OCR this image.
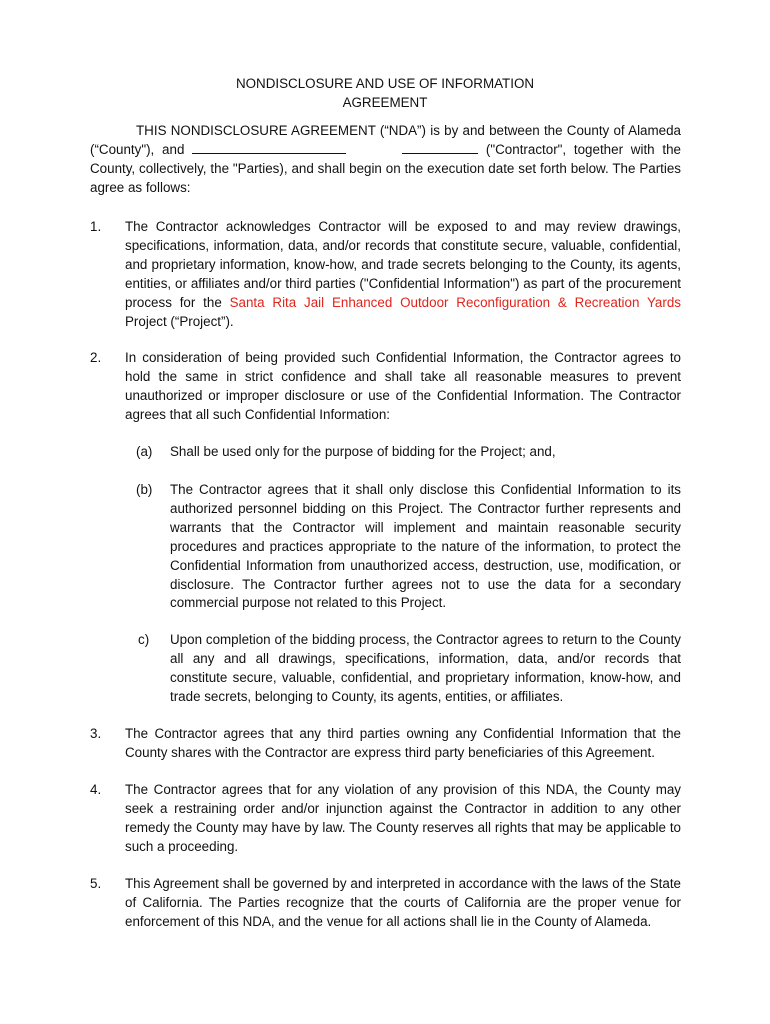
NONDISCLOSURE AND USE OF INFORMATION
AGREEMENT

THIS NONDISCLOSURE AGREEMENT (“NDA”) is by and between the County of Alameda (“County"), and	("Contractor", together with the County, collectively, the "Parties), and shall begin on the execution date set forth below. The Parties agree as follows:

1. The Contractor acknowledges Contractor will be exposed to and may review drawings, specifications, information, data, and/or records that constitute secure, valuable, confidential, and proprietary information, know-how, and trade secrets belonging to the County, its agents, entities, or affiliates and/or third parties ("Confidential Information") as part of the procurement process for the Santa Rita Jail Enhanced Outdoor Reconfiguration & Recreation Yards Project (“Project”).

2. In consideration of being provided such Confidential Information, the Contractor agrees to hold the same in strict confidence and shall take all reasonable measures to prevent unauthorized or improper disclosure or use of the Confidential Information. The Contractor agrees that all such Confidential Information:

(a) Shall be used only for the purpose of bidding for the Project; and,

(b) The Contractor agrees that it shall only disclose this Confidential Information to its authorized personnel bidding on this Project. The Contractor further represents and warrants that the Contractor will implement and maintain reasonable security procedures and practices appropriate to the nature of the information, to protect the Confidential Information from unauthorized access, destruction, use, modification, or disclosure. The Contractor further agrees not to use the data for a secondary commercial purpose not related to this Project.

c) Upon completion of the bidding process, the Contractor agrees to return to the County all any and all drawings, specifications, information, data, and/or records that constitute secure, valuable, confidential, and proprietary information, know-how, and trade secrets, belonging to County, its agents, entities, or affiliates.

3. The Contractor agrees that any third parties owning any Confidential Information that the County shares with the Contractor are express third party beneficiaries of this Agreement.

4. The Contractor agrees that for any violation of any provision of this NDA, the County may seek a restraining order and/or injunction against the Contractor in addition to any other remedy the County may have by law. The County reserves all rights that may be applicable to such a proceeding.

5. This Agreement shall be governed by and interpreted in accordance with the laws of the State of California. The Parties recognize that the courts of California are the proper venue for enforcement of this NDA, and the venue for all actions shall lie in the County of Alameda.
